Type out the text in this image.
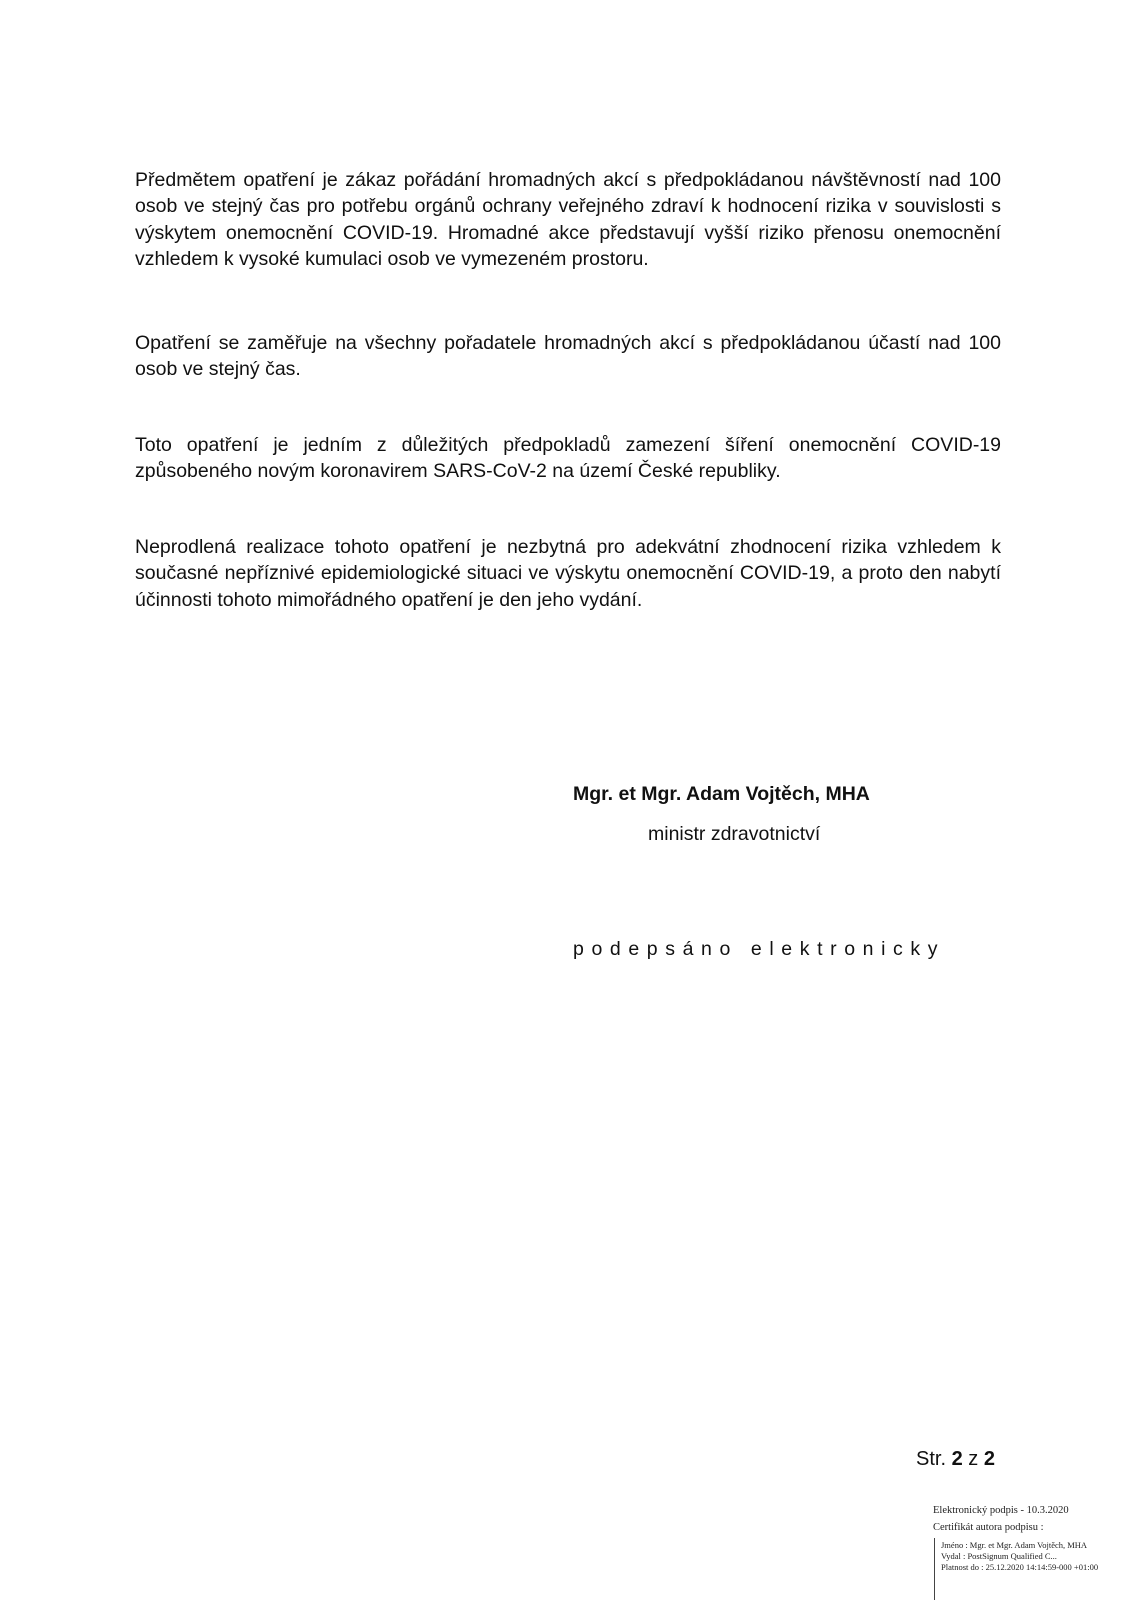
Předmětem opatření je zákaz pořádání hromadných akcí s předpokládanou návštěvností nad 100 osob ve stejný čas pro potřebu orgánů ochrany veřejného zdraví k hodnocení rizika v souvislosti s výskytem onemocnění COVID-19. Hromadné akce představují vyšší riziko přenosu onemocnění vzhledem k vysoké kumulaci osob ve vymezeném prostoru.

Opatření se zaměřuje na všechny pořadatele hromadných akcí s předpokládanou účastí nad 100 osob ve stejný čas.

Toto opatření je jedním z důležitých předpokladů zamezení šíření onemocnění COVID-19 způsobeného novým koronavirem SARS-CoV-2 na území České republiky.

Neprodlená realizace tohoto opatření je nezbytná pro adekvátní zhodnocení rizika vzhledem k současné nepříznivé epidemiologické situaci ve výskytu onemocnění COVID-19, a proto den nabytí účinnosti tohoto mimořádného opatření je den jeho vydání.

Mgr. et Mgr. Adam Vojtěch, MHA
ministr zdravotnictví
podepsáno elektronicky
Str. 2 z 2
Elektronický podpis - 10.3.2020
Certifikát autora podpisu :
Jméno : Mgr. et Mgr. Adam Vojtěch, MHA
Vydal : PostSignum Qualified C...
Platnost do : 25.12.2020 14:14:59-000 +01:00
